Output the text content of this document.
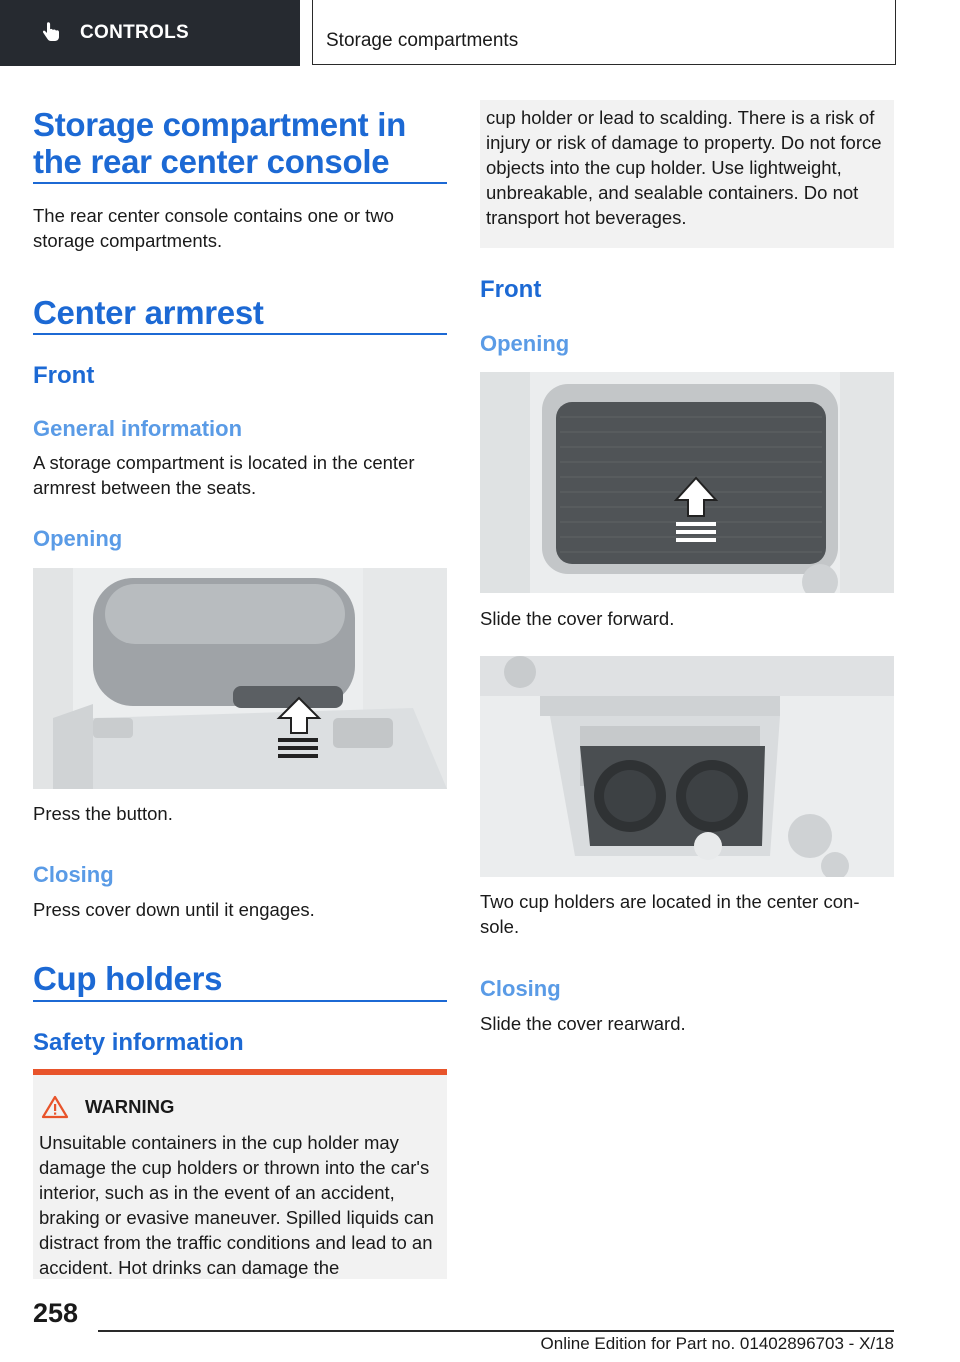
CONTROLS	Storage compartments
Storage compartment in the rear center console
The rear center console contains one or two storage compartments.
Center armrest
Front
General information
A storage compartment is located in the center armrest between the seats.
Opening
Press the button.
Closing
Press cover down until it engages.
Cup holders
Safety information
WARNING
Unsuitable containers in the cup holder may damage the cup holders or thrown into the car's interior, such as in the event of an accident, braking or evasive maneuver. Spilled liquids can distract from the traffic conditions and lead to an accident. Hot drinks can damage the
cup holder or lead to scalding. There is a risk of injury or risk of damage to property. Do not force objects into the cup holder. Use lightweight, unbreakable, and sealable containers. Do not transport hot beverages.
Front
Opening
Slide the cover forward.
Two cup holders are located in the center console.
Closing
Slide the cover rearward.
258
Online Edition for Part no. 01402896703 - X/18
